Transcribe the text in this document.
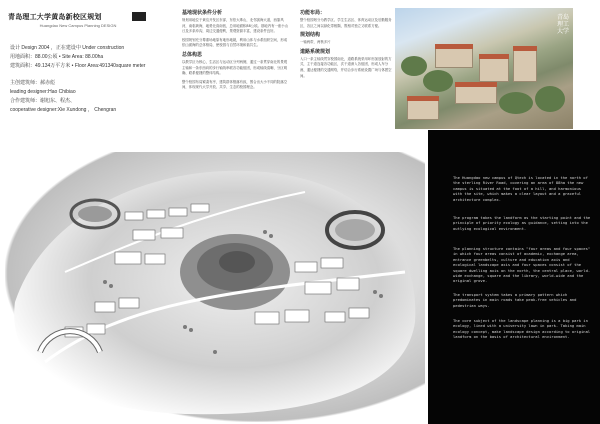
青岛理工大学黄岛新校区规划
Huangdao New Campus Planning DESIGN
设计 Design 2004 ，正在建设中 Under construction
用地面积：88.00公顷 • Site Area: 88.00ha
建筑面积：49.134万平方米 • Floor Area:491340square meter
主创建筑师：郝赤彪
leading designer:Hao Chibiao
合作建筑师：谢旭东、程杰、
cooperative designer:Xie Xundong ， Chengran
基地现状条件分析
规划用地位于黄岛开发区东部，东依大珠山，北邻滨海大道，西靠风河，南临黄海，地势北高南低，总用地面积88公顷。基地内有一座小山丘及多条冲沟，周边交通便利，景观资源丰富，建设条件良好。
校园规划充分尊重场地原有地形地貌，利用山体与水系组织空间，形成依山面海的总体格局，使校园与自然环境和谐共生。
总体构思
以教学区为核心，生活区与运动区分列两侧，通过一条贯穿南北的景观主轴和一条东西向的步行轴线串联各功能组团，形成轴线清晰、分区明确、联系便捷的整体结构。
整个校园布局紧凑有序，建筑群体错落有致，围合出大小不同的院落空间，体现现代大学开放、共享、生态的校园理念。
功能布局：
整个校园划分为教学区、学生生活区、体育运动区及后勤服务区，各区之间以绿化带相隔，既相对独立又联系方便。
规划结构
一轴两带，两核多片
道路系统规划
入口一条主轴线贯穿校园南北，道路系统采用环形加放射的方式，主干道连接各功能区，次干道深入各组团，形成人车分流、通达便捷的交通网络，并结合步行系统设置广场与休憩空间。
青岛理工大学
The Huangdao new campus of Qtech is located in the north of the sterling River Road, covering an area of 88ha the new campus is situated at the foot of a hill, and harmonious with the site, which makes a clear layout and a graceful architecture complex.
The program takes the landform as the starting point and the principle of priority ecology as guidance, setting into the outlying ecological environment.
The planning structure contains "four areas and four spaces" in which four areas consist of academic, exchange area, entrance greenbelts, culture and education axis and ecological landscape axis and four spaces consist of the square dwelling axis on the north, the central place, world-wide exchange, square and the library, world-wide and the original grove.
The transport system takes a primary pattern which predominates in main roads take peak-free vehicles and pedestrian ways.
The core subject of the landscape planning is a big park in ecology, lined with a university lawn in park. Taking main ecology concept, make landscape design according to original landform on the basis of architectural environment.
